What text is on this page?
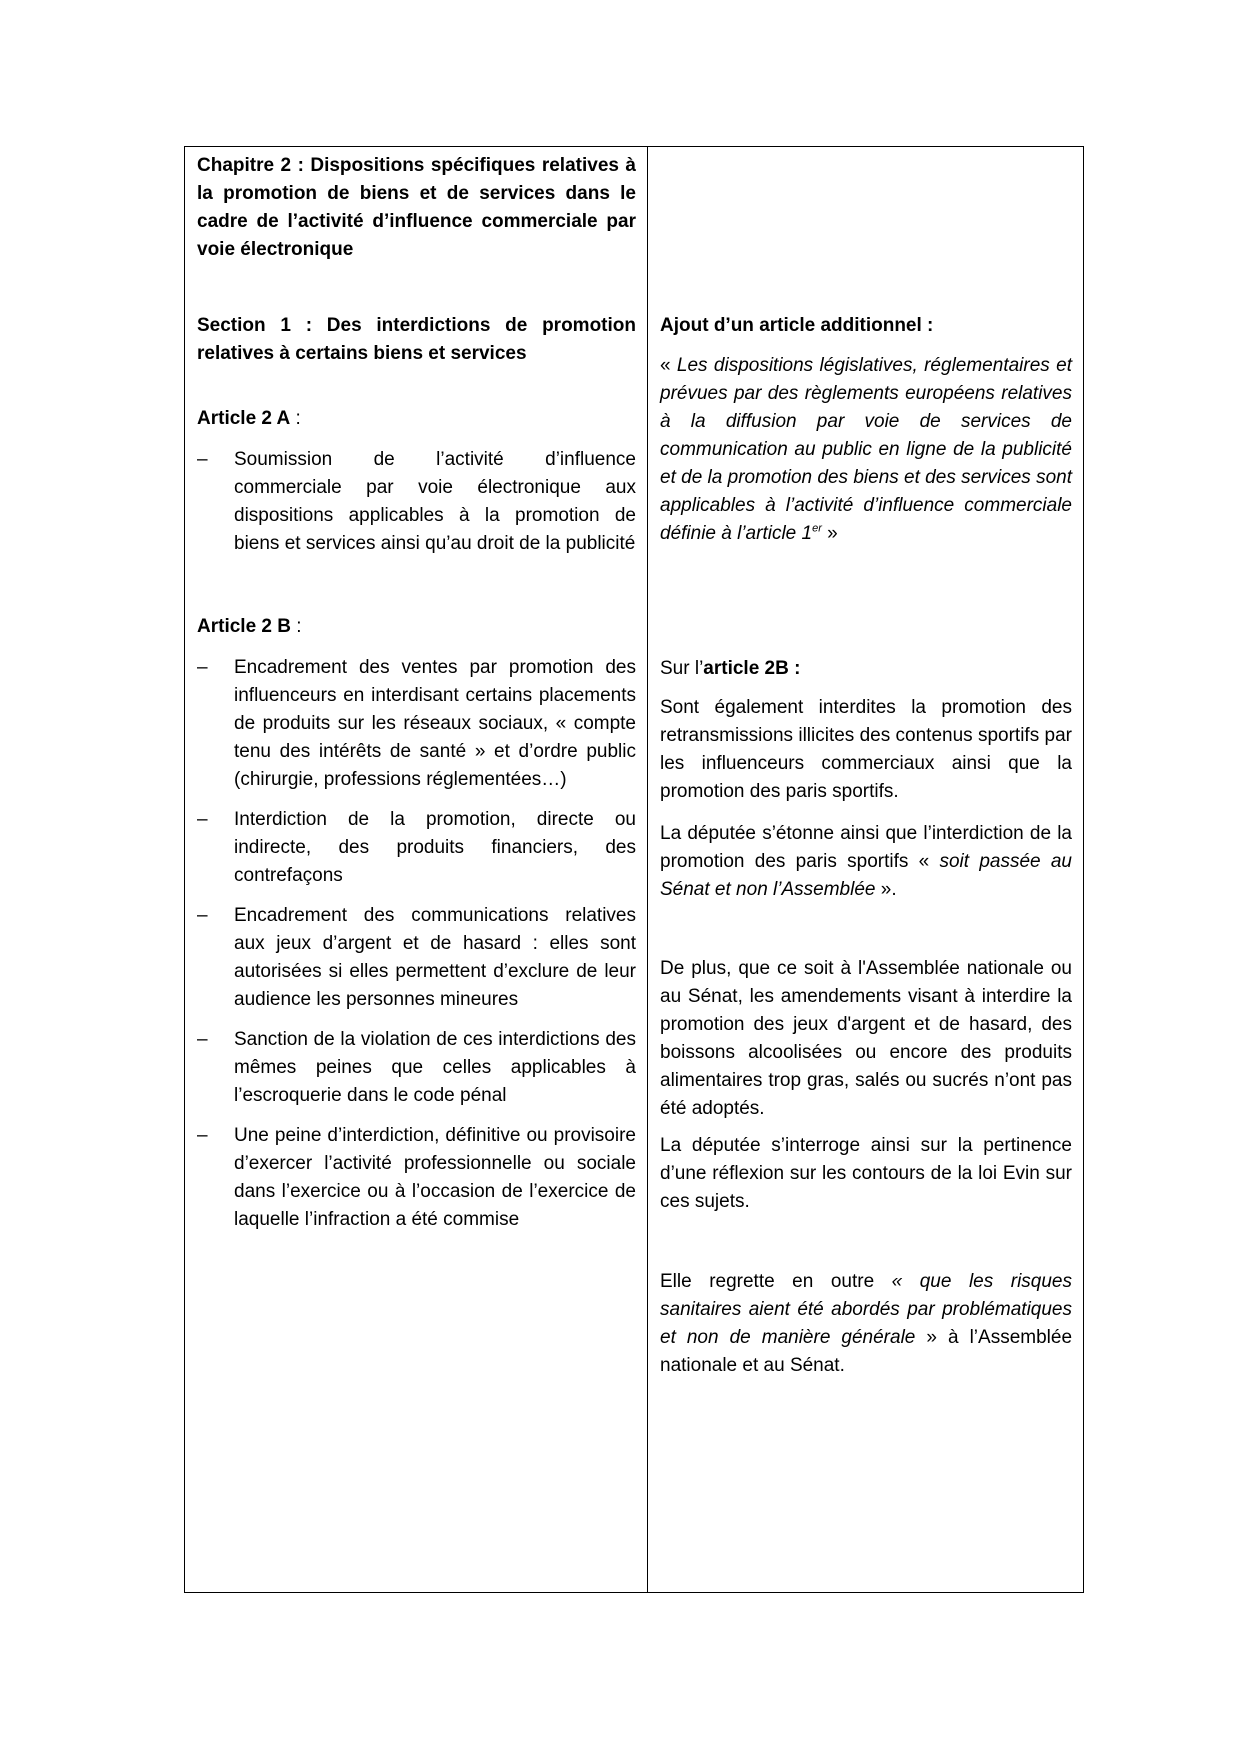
Chapitre 2 : Dispositions spécifiques relatives à la promotion de biens et de services dans le cadre de l’activité d’influence commerciale par voie électronique

Section 1 : Des interdictions de promotion relatives à certains biens et services

Article 2 A :

– Soumission de l’activité d’influence commerciale par voie électronique aux dispositions applicables à la promotion de biens et services ainsi qu’au droit de la publicité

Article 2 B :

– Encadrement des ventes par promotion des influenceurs en interdisant certains placements de produits sur les réseaux sociaux, « compte tenu des intérêts de santé » et d’ordre public (chirurgie, professions réglementées…)
– Interdiction de la promotion, directe ou indirecte, des produits financiers, des contrefaçons
– Encadrement des communications relatives aux jeux d’argent et de hasard : elles sont autorisées si elles permettent d’exclure de leur audience les personnes mineures
– Sanction de la violation de ces interdictions des mêmes peines que celles applicables à l’escroquerie dans le code pénal
– Une peine d’interdiction, définitive ou provisoire d’exercer l’activité professionnelle ou sociale dans l’exercice ou à l’occasion de l’exercice de laquelle l’infraction a été commise

Ajout d’un article additionnel :

« Les dispositions législatives, réglementaires et prévues par des règlements européens relatives à la diffusion par voie de services de communication au public en ligne de la publicité et de la promotion des biens et des services sont applicables à l’activité d’influence commerciale définie à l’article 1er »

Sur l’article 2B :

Sont également interdites la promotion des retransmissions illicites des contenus sportifs par les influenceurs commerciaux ainsi que la promotion des paris sportifs.

La députée s’étonne ainsi que l’interdiction de la promotion des paris sportifs « soit passée au Sénat et non l’Assemblée ».

De plus, que ce soit à l'Assemblée nationale ou au Sénat, les amendements visant à interdire la promotion des jeux d'argent et de hasard, des boissons alcoolisées ou encore des produits alimentaires trop gras, salés ou sucrés n’ont pas été adoptés.

La députée s’interroge ainsi sur la pertinence d’une réflexion sur les contours de la loi Evin sur ces sujets.

Elle regrette en outre « que les risques sanitaires aient été abordés par problématiques et non de manière générale » à l’Assemblée nationale et au Sénat.
